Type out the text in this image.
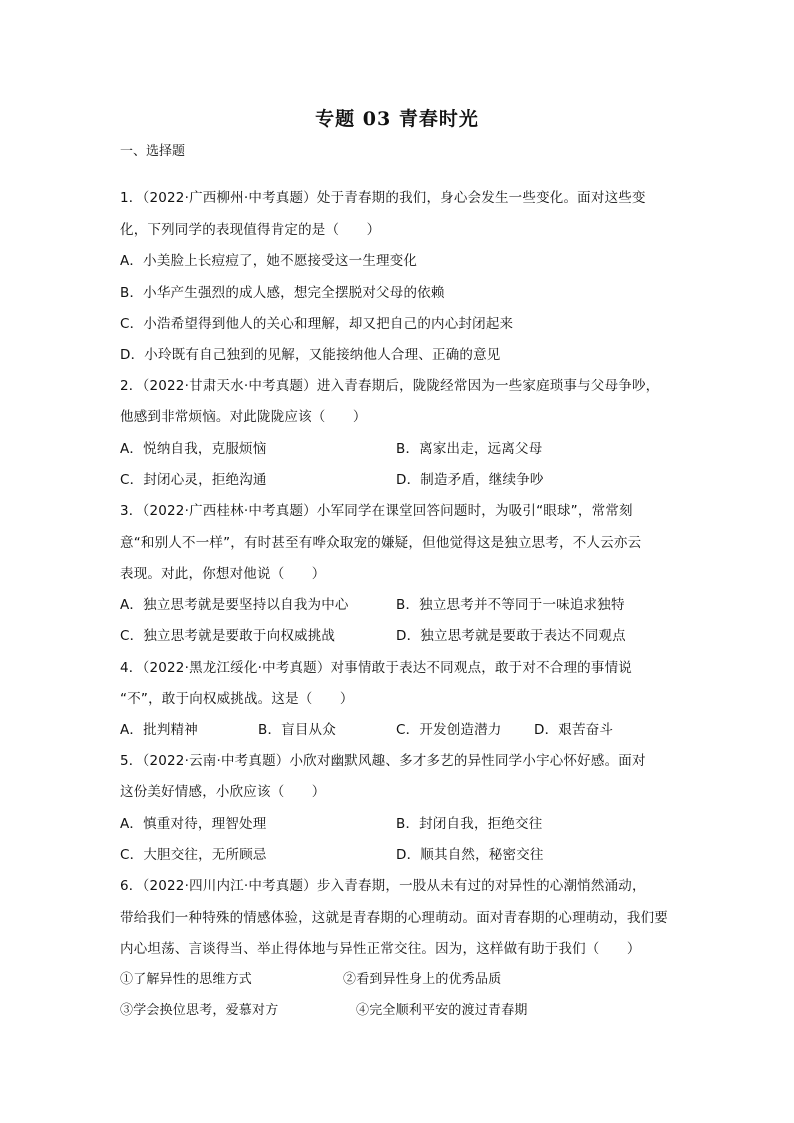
专题 03 青春时光
一、选择题
1．（2022·广西柳州·中考真题）处于青春期的我们，身心会发生一些变化。面对这些变
化，下列同学的表现值得肯定的是（　　）
A．小美脸上长痘痘了，她不愿接受这一生理变化
B．小华产生强烈的成人感，想完全摆脱对父母的依赖
C．小浩希望得到他人的关心和理解，却又把自己的内心封闭起来
D．小玲既有自己独到的见解，又能接纳他人合理、正确的意见
2．（2022·甘肃天水·中考真题）进入青春期后，陇陇经常因为一些家庭琐事与父母争吵，
他感到非常烦恼。对此陇陇应该（　　）
A．悦纳自我，克服烦恼	B．离家出走，远离父母
C．封闭心灵，拒绝沟通	D．制造矛盾，继续争吵
3．（2022·广西桂林·中考真题）小军同学在课堂回答问题时，为吸引“眼球”，常常刻
意“和别人不一样”，有时甚至有哗众取宠的嫌疑，但他觉得这是独立思考，不人云亦云
表现。对此，你想对他说（　　）
A．独立思考就是要坚持以自我为中心	B．独立思考并不等同于一味追求独特
C．独立思考就是要敢于向权威挑战	D．独立思考就是要敢于表达不同观点
4．（2022·黑龙江绥化·中考真题）对事情敢于表达不同观点，敢于对不合理的事情说
“不”，敢于向权威挑战。这是（　　）
A．批判精神	B．盲目从众	C．开发创造潜力 D．艰苦奋斗
5．（2022·云南·中考真题）小欣对幽默风趣、多才多艺的异性同学小宇心怀好感。面对
这份美好情感，小欣应该（　　）
A．慎重对待，理智处理	B．封闭自我，拒绝交往
C．大胆交往，无所顾忌	D．顺其自然，秘密交往
6．（2022·四川内江·中考真题）步入青春期，一股从未有过的对异性的心潮悄然涌动，
带给我们一种特殊的情感体验，这就是青春期的心理萌动。面对青春期的心理萌动，我们要
内心坦荡、言谈得当、举止得体地与异性正常交往。因为，这样做有助于我们（　　）
①了解异性的思维方式	②看到异性身上的优秀品质
③学会换位思考，爱慕对方	④完全顺利平安的渡过青春期
